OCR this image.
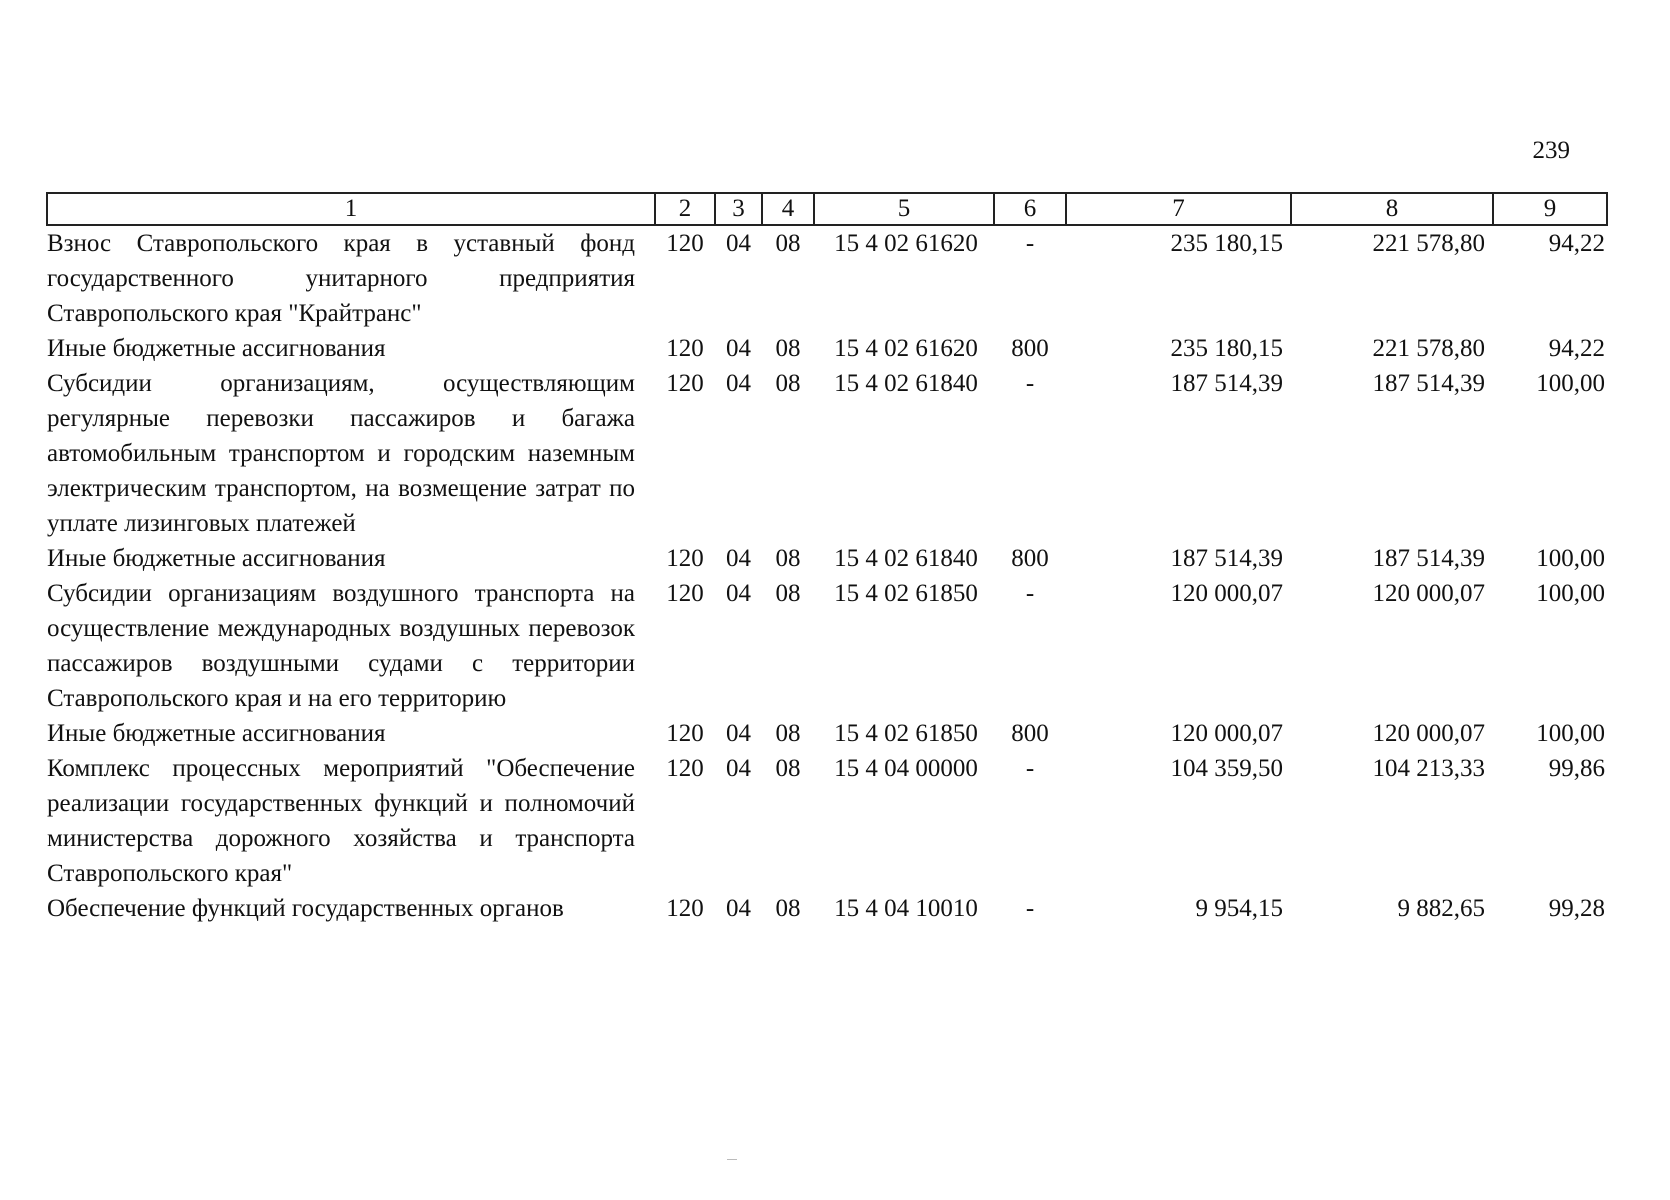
239
1	2	3	4	5	6	7	8	9
Взнос Ставропольского края в уставный фонд государственного унитарного предприятия Ставропольского края "Крайтранс"	120	04	08	15 4 02 61620	-	235 180,15	221 578,80	94,22
Иные бюджетные ассигнования	120	04	08	15 4 02 61620	800	235 180,15	221 578,80	94,22
Субсидии организациям, осуществляющим регулярные перевозки пассажиров и багажа автомобильным транспортом и городским наземным электрическим транспортом, на возмещение затрат по уплате лизинговых платежей	120	04	08	15 4 02 61840	-	187 514,39	187 514,39	100,00
Иные бюджетные ассигнования	120	04	08	15 4 02 61840	800	187 514,39	187 514,39	100,00
Субсидии организациям воздушного транспорта на осуществление международных воздушных перевозок пассажиров воздушными судами с территории Ставропольского края и на его территорию	120	04	08	15 4 02 61850	-	120 000,07	120 000,07	100,00
Иные бюджетные ассигнования	120	04	08	15 4 02 61850	800	120 000,07	120 000,07	100,00
Комплекс процессных мероприятий "Обеспечение реализации государственных функций и полномочий министерства дорожного хозяйства и транспорта Ставропольского края"	120	04	08	15 4 04 00000	-	104 359,50	104 213,33	99,86
Обеспечение функций государственных органов	120	04	08	15 4 04 10010	-	9 954,15	9 882,65	99,28
